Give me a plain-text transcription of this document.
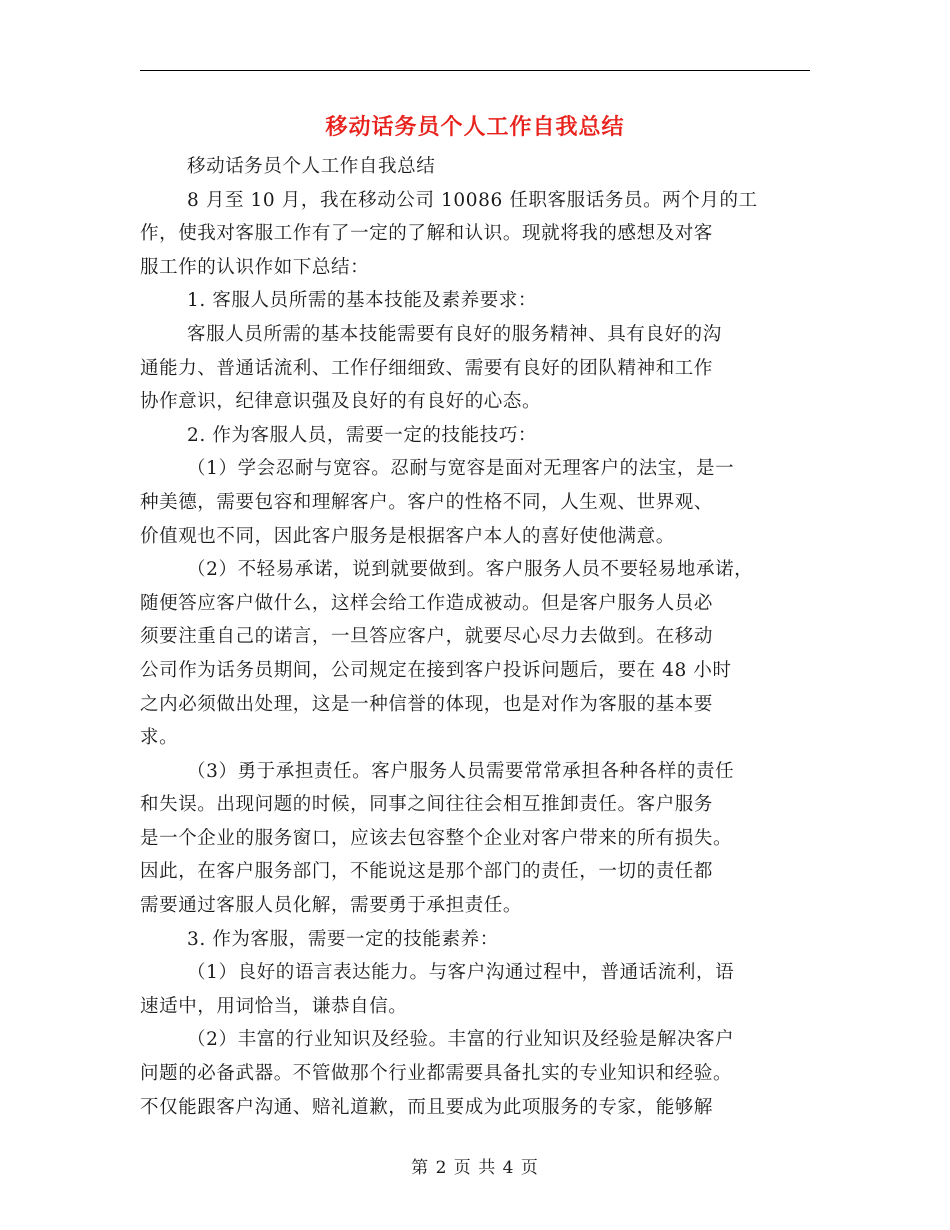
移动话务员个人工作自我总结
移动话务员个人工作自我总结
8 月至 10 月，我在移动公司 10086 任职客服话务员。两个月的工
作，使我对客服工作有了一定的了解和认识。现就将我的感想及对客
服工作的认识作如下总结：
1. 客服人员所需的基本技能及素养要求：
客服人员所需的基本技能需要有良好的服务精神、具有良好的沟
通能力、普通话流利、工作仔细细致、需要有良好的团队精神和工作
协作意识，纪律意识强及良好的有良好的心态。
2. 作为客服人员，需要一定的技能技巧：
（1）学会忍耐与宽容。忍耐与宽容是面对无理客户的法宝，是一
种美德，需要包容和理解客户。客户的性格不同，人生观、世界观、
价值观也不同，因此客户服务是根据客户本人的喜好使他满意。
（2）不轻易承诺，说到就要做到。客户服务人员不要轻易地承诺，
随便答应客户做什么，这样会给工作造成被动。但是客户服务人员必
须要注重自己的诺言，一旦答应客户，就要尽心尽力去做到。在移动
公司作为话务员期间，公司规定在接到客户投诉问题后，要在 48 小时
之内必须做出处理，这是一种信誉的体现，也是对作为客服的基本要
求。
（3）勇于承担责任。客户服务人员需要常常承担各种各样的责任
和失误。出现问题的时候，同事之间往往会相互推卸责任。客户服务
是一个企业的服务窗口，应该去包容整个企业对客户带来的所有损失。
因此，在客户服务部门，不能说这是那个部门的责任，一切的责任都
需要通过客服人员化解，需要勇于承担责任。
3. 作为客服，需要一定的技能素养：
（1）良好的语言表达能力。与客户沟通过程中，普通话流利，语
速适中，用词恰当，谦恭自信。
（2）丰富的行业知识及经验。丰富的行业知识及经验是解决客户
问题的必备武器。不管做那个行业都需要具备扎实的专业知识和经验。
不仅能跟客户沟通、赔礼道歉，而且要成为此项服务的专家，能够解
第 2 页 共 4 页
